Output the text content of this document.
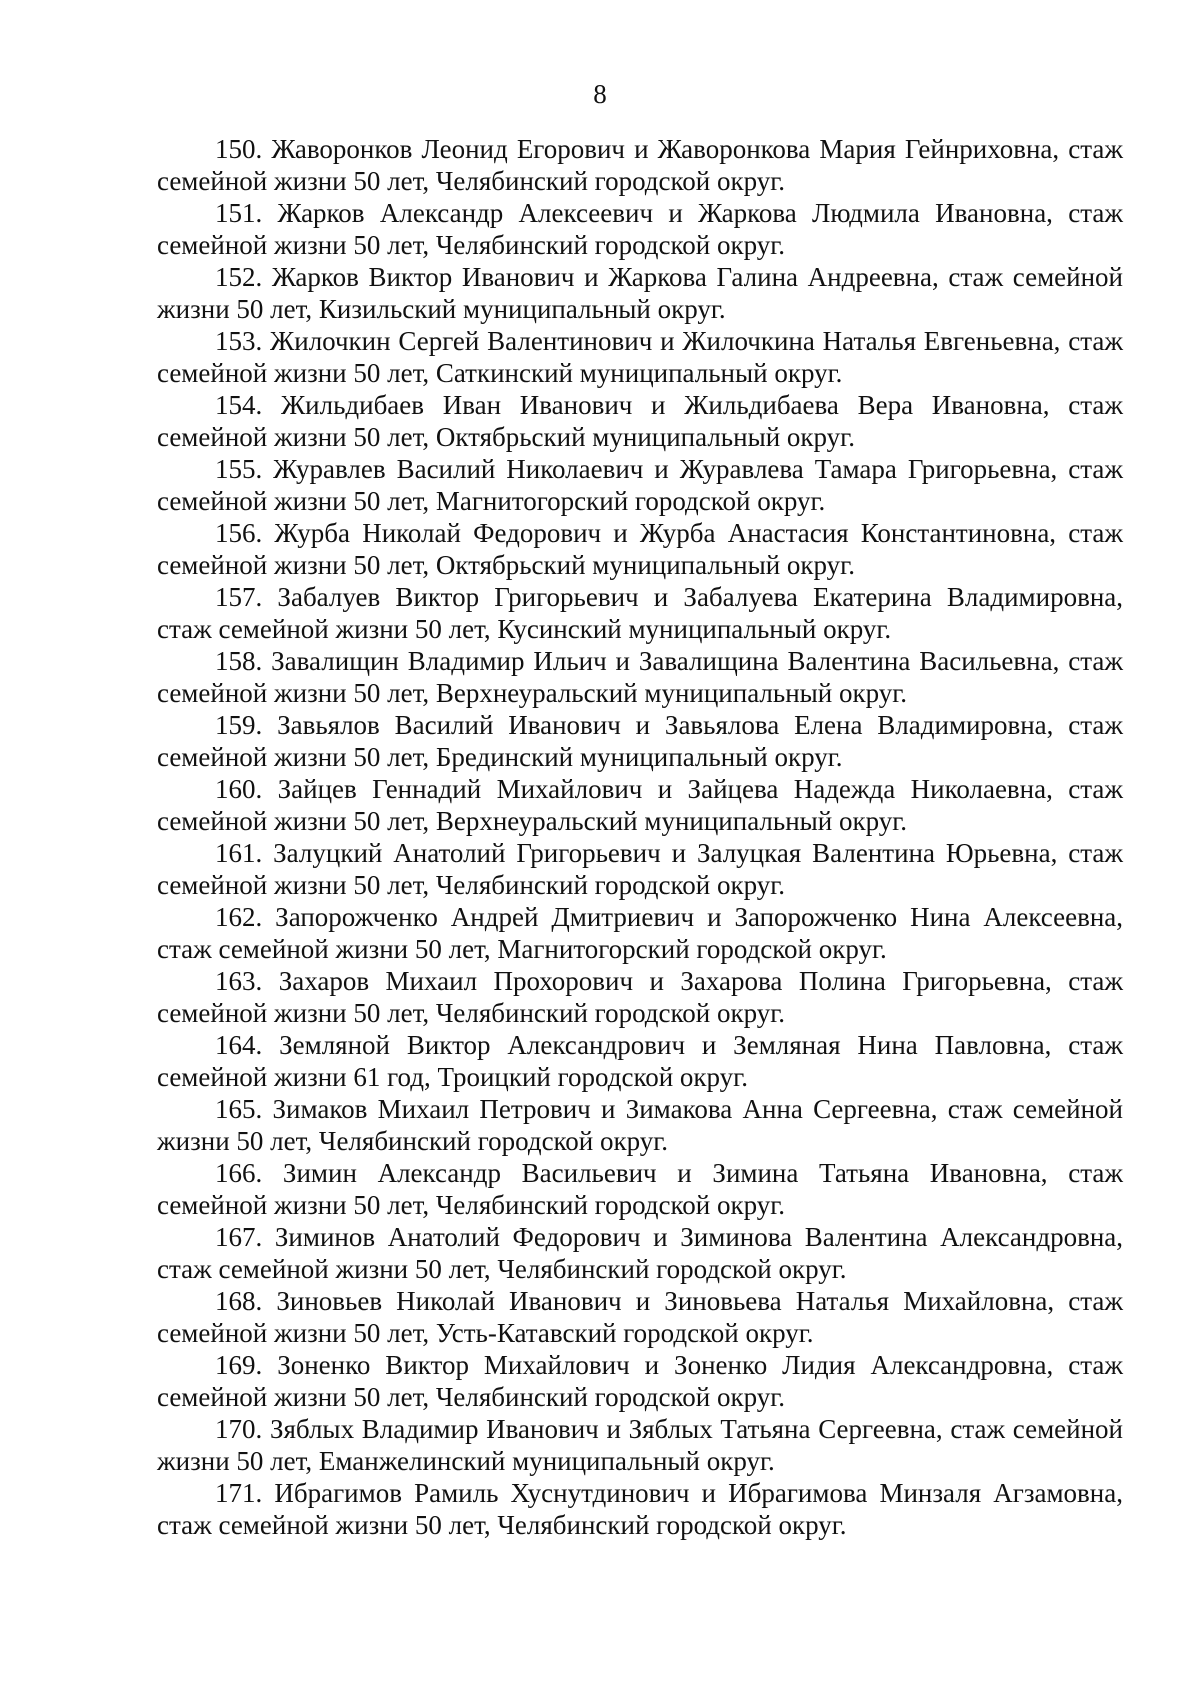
8

150. Жаворонков Леонид Егорович и Жаворонкова Мария Гейнриховна, стаж семейной жизни 50 лет, Челябинский городской округ.

151. Жарков Александр Алексеевич и Жаркова Людмила Ивановна, стаж семейной жизни 50 лет, Челябинский городской округ.

152. Жарков Виктор Иванович и Жаркова Галина Андреевна, стаж семейной жизни 50 лет, Кизильский муниципальный округ.

153. Жилочкин Сергей Валентинович и Жилочкина Наталья Евгеньевна, стаж семейной жизни 50 лет, Саткинский муниципальный округ.

154. Жильдибаев Иван Иванович и Жильдибаева Вера Ивановна, стаж семейной жизни 50 лет, Октябрьский муниципальный округ.

155. Журавлев Василий Николаевич и Журавлева Тамара Григорьевна, стаж семейной жизни 50 лет, Магнитогорский городской округ.

156. Журба Николай Федорович и Журба Анастасия Константиновна, стаж семейной жизни 50 лет, Октябрьский муниципальный округ.

157. Забалуев Виктор Григорьевич и Забалуева Екатерина Владимировна, стаж семейной жизни 50 лет, Кусинский муниципальный округ.

158. Завалищин Владимир Ильич и Завалищина Валентина Васильевна, стаж семейной жизни 50 лет, Верхнеуральский муниципальный округ.

159. Завьялов Василий Иванович и Завьялова Елена Владимировна, стаж семейной жизни 50 лет, Брединский муниципальный округ.

160. Зайцев Геннадий Михайлович и Зайцева Надежда Николаевна, стаж семейной жизни 50 лет, Верхнеуральский муниципальный округ.

161. Залуцкий Анатолий Григорьевич и Залуцкая Валентина Юрьевна, стаж семейной жизни 50 лет, Челябинский городской округ.

162. Запорожченко Андрей Дмитриевич и Запорожченко Нина Алексеевна, стаж семейной жизни 50 лет, Магнитогорский городской округ.

163. Захаров Михаил Прохорович и Захарова Полина Григорьевна, стаж семейной жизни 50 лет, Челябинский городской округ.

164. Земляной Виктор Александрович и Земляная Нина Павловна, стаж семейной жизни 61 год, Троицкий городской округ.

165. Зимаков Михаил Петрович и Зимакова Анна Сергеевна, стаж семейной жизни 50 лет, Челябинский городской округ.

166. Зимин Александр Васильевич и Зимина Татьяна Ивановна, стаж семейной жизни 50 лет, Челябинский городской округ.

167. Зиминов Анатолий Федорович и Зиминова Валентина Александровна, стаж семейной жизни 50 лет, Челябинский городской округ.

168. Зиновьев Николай Иванович и Зиновьева Наталья Михайловна, стаж семейной жизни 50 лет, Усть-Катавский городской округ.

169. Зоненко Виктор Михайлович и Зоненко Лидия Александровна, стаж семейной жизни 50 лет, Челябинский городской округ.

170. Зяблых Владимир Иванович и Зяблых Татьяна Сергеевна, стаж семейной жизни 50 лет, Еманжелинский муниципальный округ.

171. Ибрагимов Рамиль Хуснутдинович и Ибрагимова Минзаля Агзамовна, стаж семейной жизни 50 лет, Челябинский городской округ.
